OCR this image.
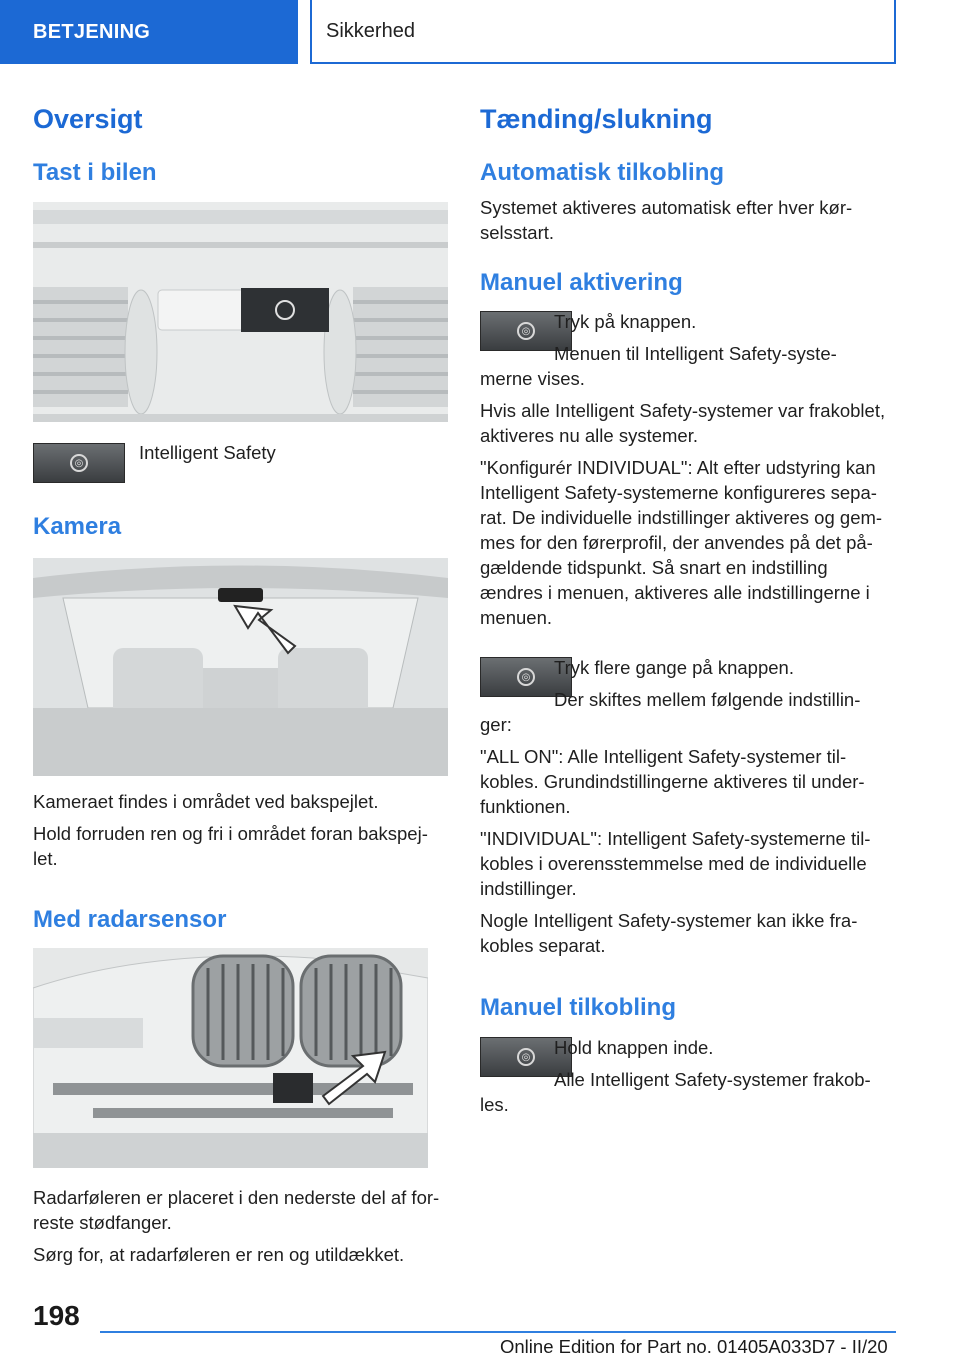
BETJENING	Sikkerhed
Oversigt
Tast i bilen
◎	Intelligent Safety

Kamera

Kameraet findes i området ved bakspejlet.

Hold forruden ren og fri i området foran bakspej-

let.

Med radarsensor

Radarføleren er placeret i den nederste del af for-

reste stødfanger.

Sørg for, at radarføleren er ren og utildækket.

Tænding/slukning
Automatisk tilkobling

Systemet aktiveres automatisk efter hver kør-

selsstart.

Manuel aktivering
◎ Tryk på knappen.

Menuen til Intelligent Safety-syste-

merne vises.

Hvis alle Intelligent Safety-systemer var frakoblet,

aktiveres nu alle systemer.

"Konfigurér INDIVIDUAL": Alt efter udstyring kan

Intelligent Safety-systemerne konfigureres sepa-

rat. De individuelle indstillinger aktiveres og gem-

mes for den førerprofil, der anvendes på det på-

gældende tidspunkt. Så snart en indstilling

ændres i menuen, aktiveres alle indstillingerne i

menuen.

◎ Tryk flere gange på knappen.

Der skiftes mellem følgende indstillin-

ger:

"ALL ON": Alle Intelligent Safety-systemer til-

kobles. Grundindstillingerne aktiveres til under-

funktionen.

"INDIVIDUAL": Intelligent Safety-systemerne til-

kobles i overensstemmelse med de individuelle

indstillinger.

Nogle Intelligent Safety-systemer kan ikke fra-

kobles separat.

Manuel tilkobling
◎ Hold knappen inde.

Alle Intelligent Safety-systemer frakob-

les.

198
Online Edition for Part no. 01405A033D7 - II/20
